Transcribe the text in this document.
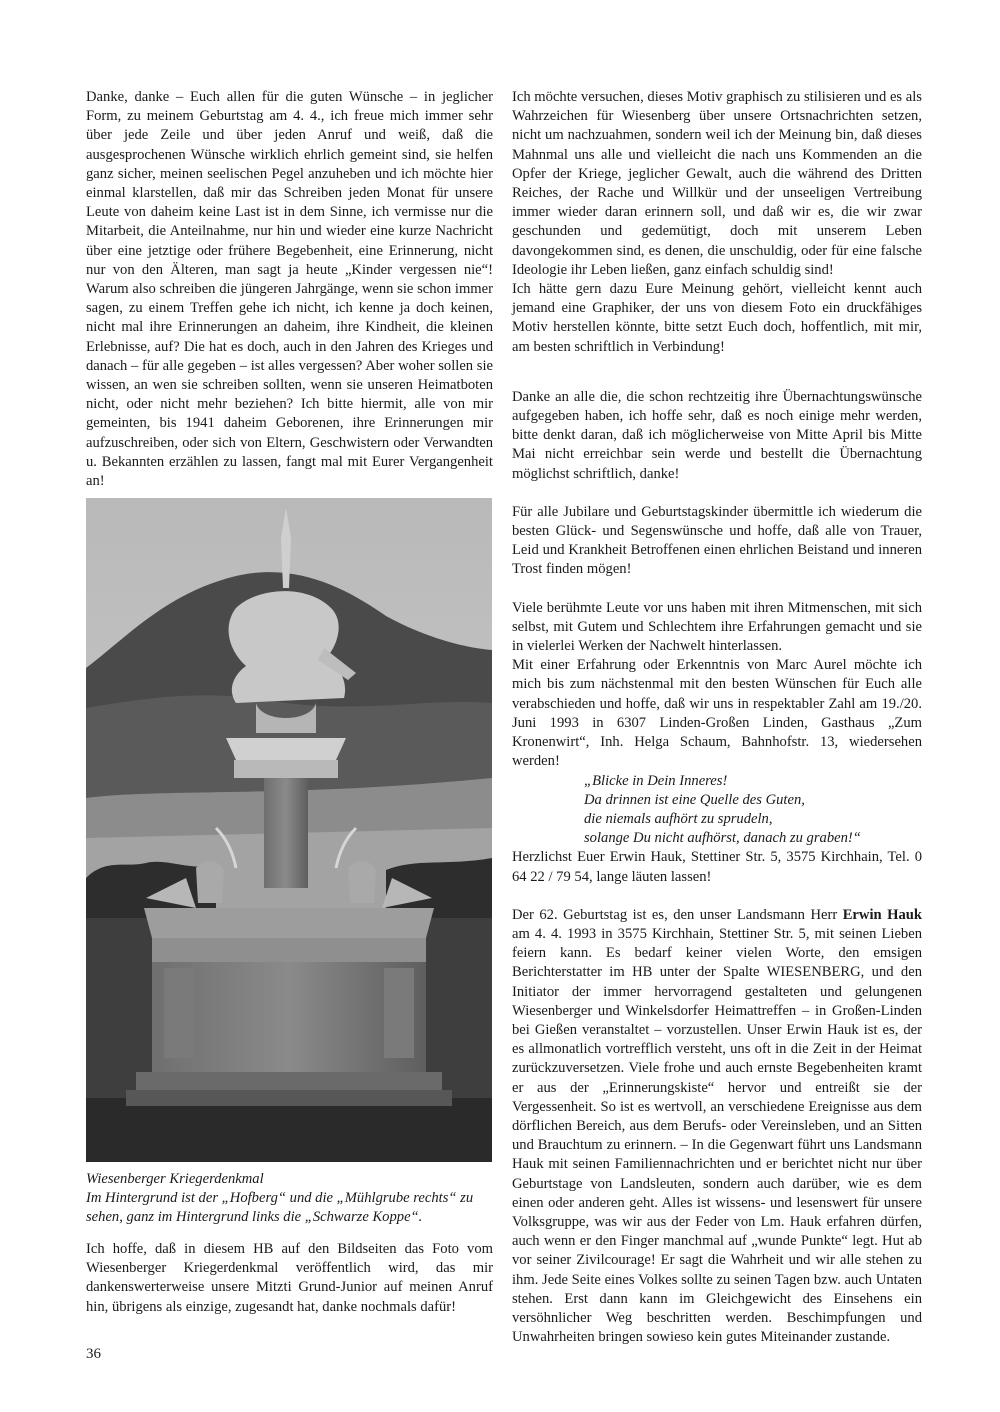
Danke, danke – Euch allen für die guten Wünsche – in jeglicher Form, zu meinem Geburtstag am 4. 4., ich freue mich immer sehr über jede Zeile und über jeden Anruf und weiß, daß die ausgesprochenen Wünsche wirklich ehrlich gemeint sind, sie helfen ganz sicher, meinen seelischen Pegel anzuheben und ich möchte hier einmal klarstellen, daß mir das Schreiben jeden Monat für unsere Leute von daheim keine Last ist in dem Sinne, ich vermisse nur die Mitarbeit, die Anteilnahme, nur hin und wieder eine kurze Nachricht über eine jetztige oder frühere Begebenheit, eine Erinnerung, nicht nur von den Älteren, man sagt ja heute „Kinder vergessen nie“! Warum also schreiben die jüngeren Jahrgänge, wenn sie schon immer sagen, zu einem Treffen gehe ich nicht, ich kenne ja doch keinen, nicht mal ihre Erinnerungen an daheim, ihre Kindheit, die kleinen Erlebnisse, auf? Die hat es doch, auch in den Jahren des Krieges und danach – für alle gegeben – ist alles vergessen? Aber woher sollen sie wissen, an wen sie schreiben sollten, wenn sie unseren Heimatboten nicht, oder nicht mehr beziehen? Ich bitte hiermit, alle von mir gemeinten, bis 1941 daheim Geborenen, ihre Erinnerungen mir aufzuschreiben, oder sich von Eltern, Geschwistern oder Verwandten u. Bekannten erzählen zu lassen, fangt mal mit Eurer Vergangenheit an!

Wiesenberger Kriegerdenkmal

Im Hintergrund ist der „Hofberg“ und die „Mühlgrube rechts“ zu sehen, ganz im Hintergrund links die „Schwarze Koppe“.

Ich hoffe, daß in diesem HB auf den Bildseiten das Foto vom Wiesenberger Kriegerdenkmal veröffentlich wird, das mir dankenswerterweise unsere Mitzti Grund-Junior auf meinen Anruf hin, übrigens als einzige, zugesandt hat, danke nochmals dafür!

Ich möchte versuchen, dieses Motiv graphisch zu stilisieren und es als Wahrzeichen für Wiesenberg über unsere Ortsnachrichten setzen, nicht um nachzuahmen, sondern weil ich der Meinung bin, daß dieses Mahnmal uns alle und vielleicht die nach uns Kommenden an die Opfer der Kriege, jeglicher Gewalt, auch die während des Dritten Reiches, der Rache und Willkür und der unseeligen Vertreibung immer wieder daran erinnern soll, und daß wir es, die wir zwar geschunden und gedemütigt, doch mit unserem Leben davongekommen sind, es denen, die unschuldig, oder für eine falsche Ideologie ihr Leben ließen, ganz einfach schuldig sind!

Ich hätte gern dazu Eure Meinung gehört, vielleicht kennt auch jemand eine Graphiker, der uns von diesem Foto ein druckfähiges Motiv herstellen könnte, bitte setzt Euch doch, hoffentlich, mit mir, am besten schriftlich in Verbindung!

Danke an alle die, die schon rechtzeitig ihre Übernachtungswünsche aufgegeben haben, ich hoffe sehr, daß es noch einige mehr werden, bitte denkt daran, daß ich möglicherweise von Mitte April bis Mitte Mai nicht erreichbar sein werde und bestellt die Übernachtung möglichst schriftlich, danke!

Für alle Jubilare und Geburtstagskinder übermittle ich wiederum die besten Glück- und Segenswünsche und hoffe, daß alle von Trauer, Leid und Krankheit Betroffenen einen ehrlichen Beistand und inneren Trost finden mögen!

Viele berühmte Leute vor uns haben mit ihren Mitmenschen, mit sich selbst, mit Gutem und Schlechtem ihre Erfahrungen gemacht und sie in vielerlei Werken der Nachwelt hinterlassen.

Mit einer Erfahrung oder Erkenntnis von Marc Aurel möchte ich mich bis zum nächstenmal mit den besten Wünschen für Euch alle verabschieden und hoffe, daß wir uns in respektabler Zahl am 19./20. Juni 1993 in 6307 Linden-Großen Linden, Gasthaus „Zum Kronenwirt“, Inh. Helga Schaum, Bahnhofstr. 13, wiedersehen werden!

„Blicke in Dein Inneres!
Da drinnen ist eine Quelle des Guten,
die niemals aufhört zu sprudeln,
solange Du nicht aufhörst, danach zu graben!“

Herzlichst Euer Erwin Hauk, Stettiner Str. 5, 3575 Kirchhain, Tel. 0 64 22 / 79 54, lange läuten lassen!

Der 62. Geburtstag ist es, den unser Landsmann Herr Erwin Hauk am 4. 4. 1993 in 3575 Kirchhain, Stettiner Str. 5, mit seinen Lieben feiern kann. Es bedarf keiner vielen Worte, den emsigen Berichterstatter im HB unter der Spalte WIESENBERG, und den Initiator der immer hervorragend gestalteten und gelungenen Wiesenberger und Winkelsdorfer Heimattreffen – in Großen-Linden bei Gießen veranstaltet – vorzustellen. Unser Erwin Hauk ist es, der es allmonatlich vortrefflich versteht, uns oft in die Zeit in der Heimat zurückzuversetzen. Viele frohe und auch ernste Begebenheiten kramt er aus der „Erinnerungskiste“ hervor und entreißt sie der Vergessenheit. So ist es wertvoll, an verschiedene Ereignisse aus dem dörflichen Bereich, aus dem Berufs- oder Vereinsleben, und an Sitten und Brauchtum zu erinnern. – In die Gegenwart führt uns Landsmann Hauk mit seinen Familiennachrichten und er berichtet nicht nur über Geburtstage von Landsleuten, sondern auch darüber, wie es dem einen oder anderen geht. Alles ist wissens- und lesenswert für unsere Volksgruppe, was wir aus der Feder von Lm. Hauk erfahren dürfen, auch wenn er den Finger manchmal auf „wunde Punkte“ legt. Hut ab vor seiner Zivilcourage! Er sagt die Wahrheit und wir alle stehen zu ihm. Jede Seite eines Volkes sollte zu seinen Tagen bzw. auch Untaten stehen. Erst dann kann im Gleichgewicht des Einsehens ein versöhnlicher Weg beschritten werden. Beschimpfungen und Unwahrheiten bringen sowieso kein gutes Miteinander zustande.

36
